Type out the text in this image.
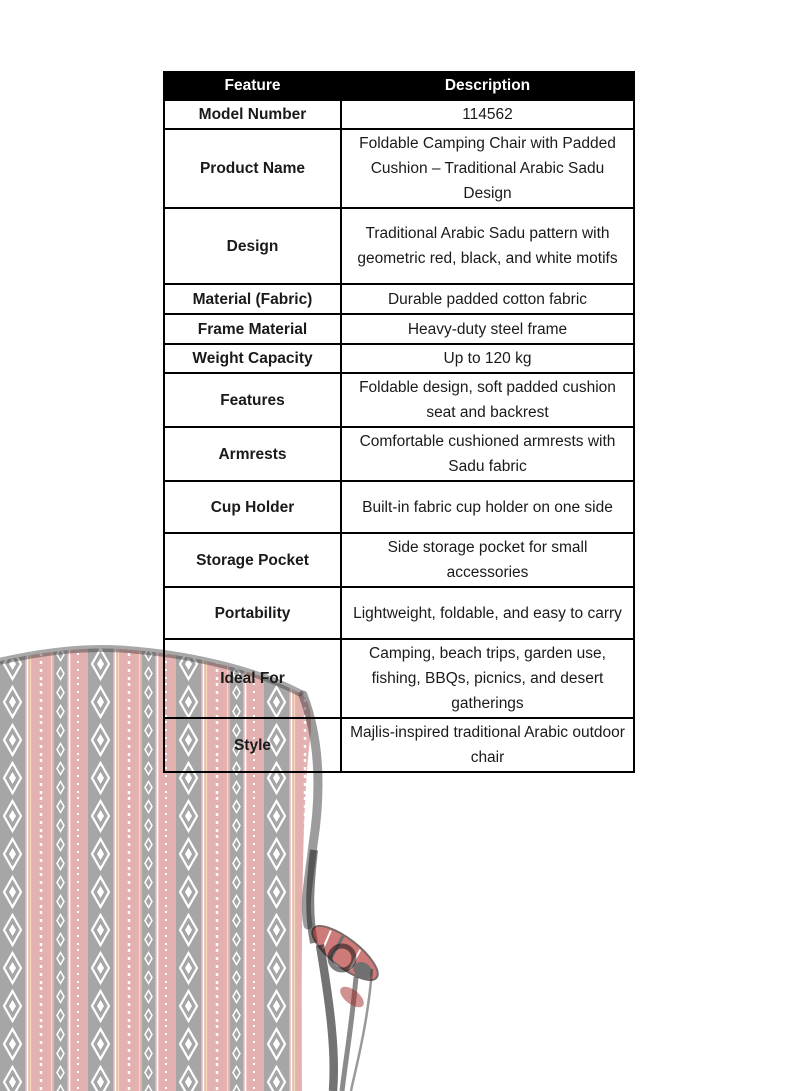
Feature	Description
Model Number	114562
Product Name	Foldable Camping Chair with Padded Cushion – Traditional Arabic Sadu Design
Design	Traditional Arabic Sadu pattern with geometric red, black, and white motifs
Material (Fabric)	Durable padded cotton fabric
Frame Material	Heavy-duty steel frame
Weight Capacity	Up to 120 kg
Features	Foldable design, soft padded cushion seat and backrest
Armrests	Comfortable cushioned armrests with Sadu fabric
Cup Holder	Built-in fabric cup holder on one side
Storage Pocket	Side storage pocket for small accessories
Portability	Lightweight, foldable, and easy to carry
Ideal For	Camping, beach trips, garden use, fishing, BBQs, picnics, and desert gatherings
Style	Majlis-inspired traditional Arabic outdoor chair
